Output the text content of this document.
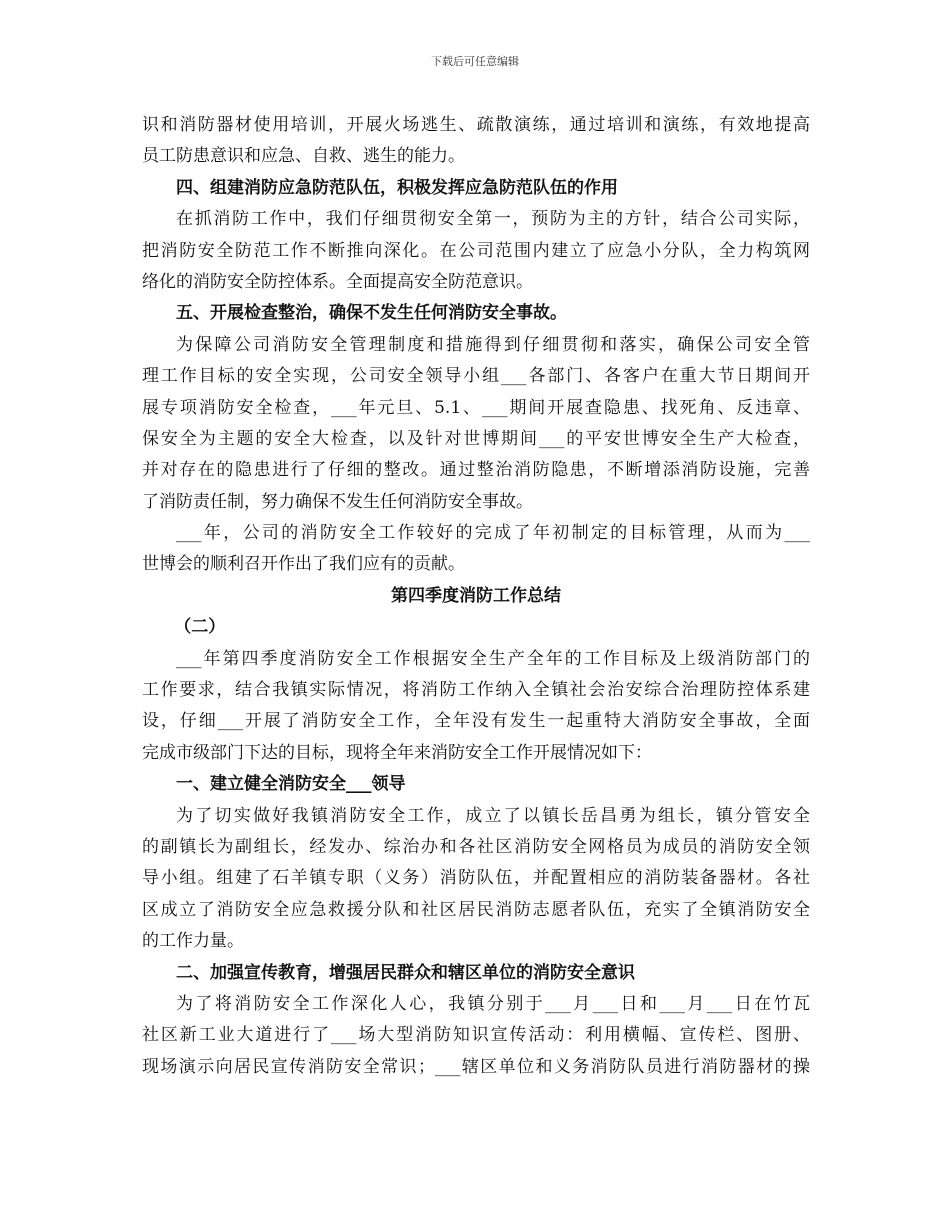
下载后可任意编辑
识和消防器材使用培训，开展火场逃生、疏散演练，通过培训和演练，有效地提高
员工防患意识和应急、自救、逃生的能力。
四、组建消防应急防范队伍，积极发挥应急防范队伍的作用
在抓消防工作中，我们仔细贯彻安全第一，预防为主的方针，结合公司实际，
把消防安全防范工作不断推向深化。在公司范围内建立了应急小分队，全力构筑网
络化的消防安全防控体系。全面提高安全防范意识。
五、开展检查整治，确保不发生任何消防安全事故。
为保障公司消防安全管理制度和措施得到仔细贯彻和落实，确保公司安全管
理工作目标的安全实现，公司安全领导小组___各部门、各客户在重大节日期间开
展专项消防安全检查，___年元旦、5.1、___期间开展查隐患、找死角、反违章、
保安全为主题的安全大检查，以及针对世博期间___的平安世博安全生产大检查，
并对存在的隐患进行了仔细的整改。通过整治消防隐患，不断增添消防设施，完善
了消防责任制，努力确保不发生任何消防安全事故。
___年，公司的消防安全工作较好的完成了年初制定的目标管理，从而为___
世博会的顺利召开作出了我们应有的贡献。
第四季度消防工作总结
（二）
___年第四季度消防安全工作根据安全生产全年的工作目标及上级消防部门的
工作要求，结合我镇实际情况，将消防工作纳入全镇社会治安综合治理防控体系建
设，仔细___开展了消防安全工作，全年没有发生一起重特大消防安全事故，全面
完成市级部门下达的目标，现将全年来消防安全工作开展情况如下：
一、建立健全消防安全___领导
为了切实做好我镇消防安全工作，成立了以镇长岳昌勇为组长，镇分管安全
的副镇长为副组长，经发办、综治办和各社区消防安全网格员为成员的消防安全领
导小组。组建了石羊镇专职（义务）消防队伍，并配置相应的消防装备器材。各社
区成立了消防安全应急救援分队和社区居民消防志愿者队伍，充实了全镇消防安全
的工作力量。
二、加强宣传教育，增强居民群众和辖区单位的消防安全意识
为了将消防安全工作深化人心，我镇分别于___月___日和___月___日在竹瓦
社区新工业大道进行了___场大型消防知识宣传活动：利用横幅、宣传栏、图册、
现场演示向居民宣传消防安全常识；___辖区单位和义务消防队员进行消防器材的操
